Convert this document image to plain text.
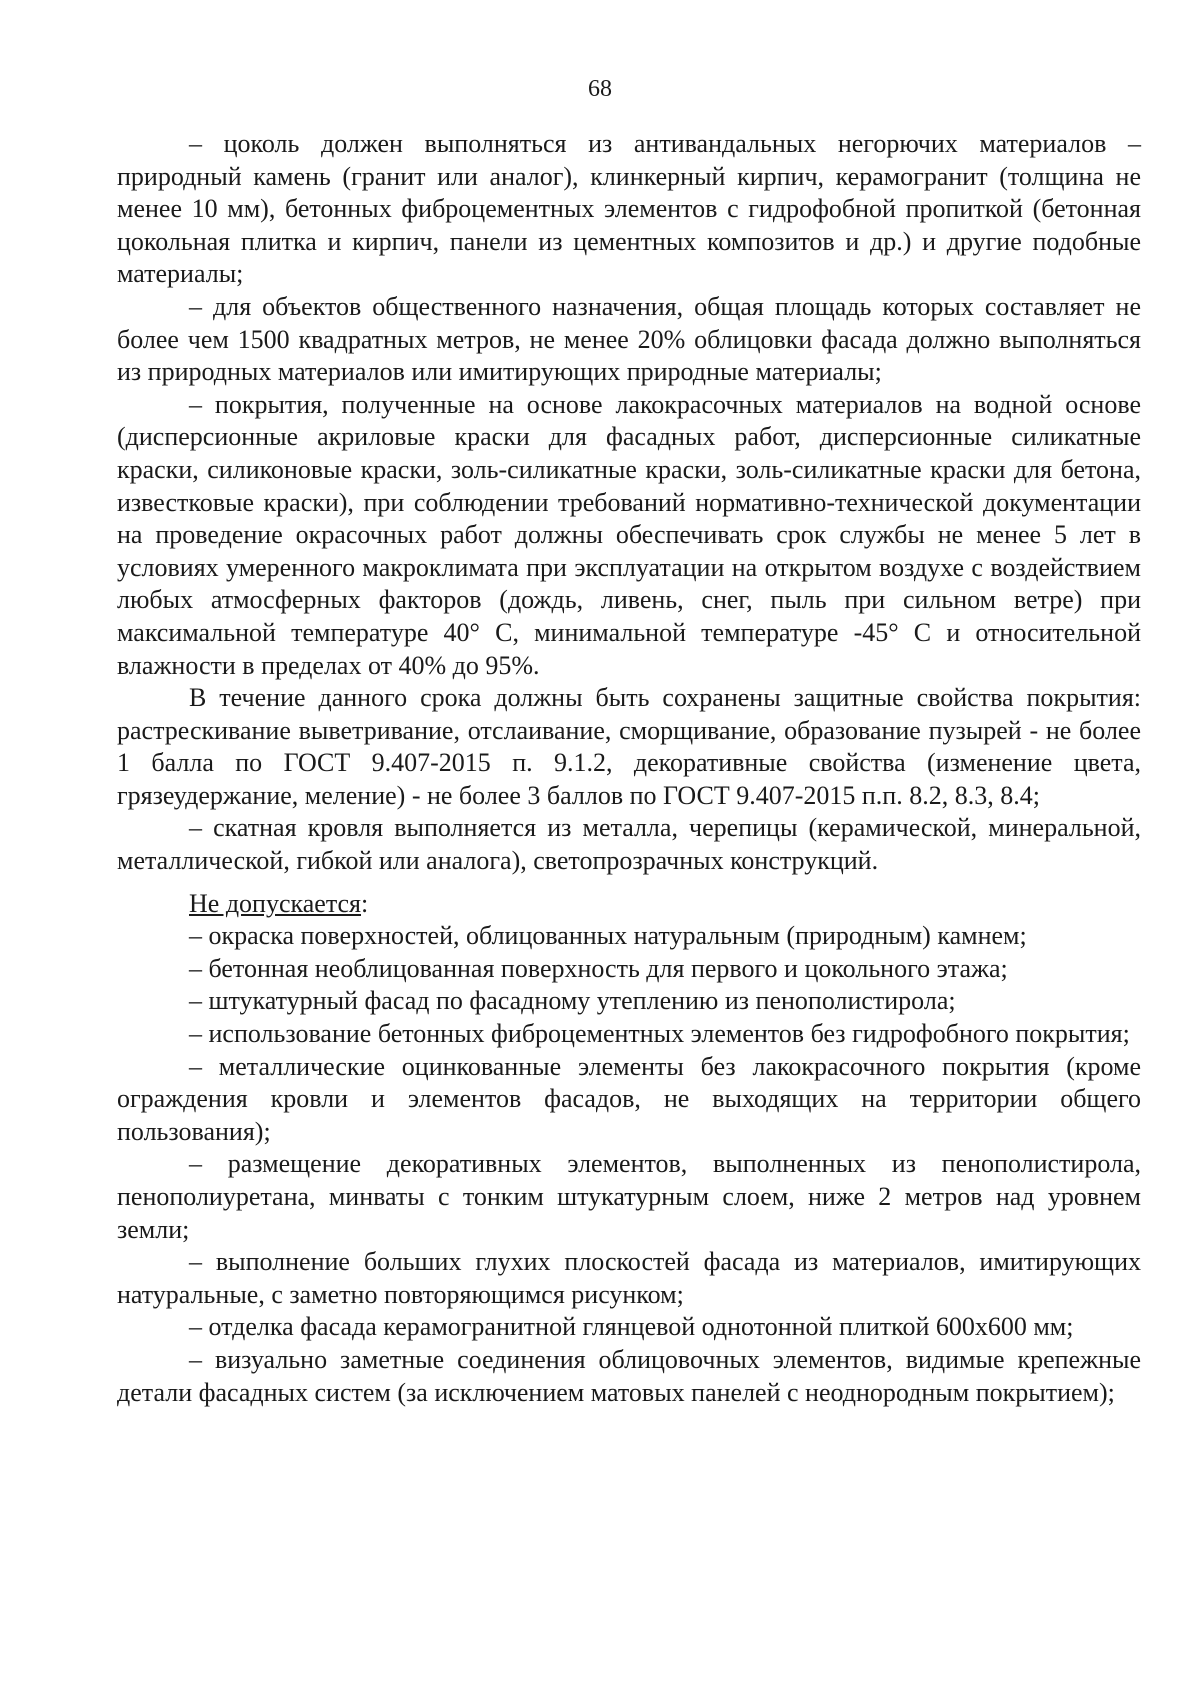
68

– цоколь должен выполняться из антивандальных негорючих материалов – природный камень (гранит или аналог), клинкерный кирпич, керамогранит (толщина не менее 10 мм), бетонных фиброцементных элементов с гидрофобной пропиткой (бетонная цокольная плитка и кирпич, панели из цементных композитов и др.) и другие подобные материалы;

– для объектов общественного назначения, общая площадь которых составляет не более чем 1500 квадратных метров, не менее 20% облицовки фасада должно выполняться из природных материалов или имитирующих природные материалы;

– покрытия, полученные на основе лакокрасочных материалов на водной основе (дисперсионные акриловые краски для фасадных работ, дисперсионные силикатные краски, силиконовые краски, золь-силикатные краски, золь-силикатные краски для бетона, известковые краски), при соблюдении требований нормативно-технической документации на проведение окрасочных работ должны обеспечивать срок службы не менее 5 лет в условиях умеренного макроклимата при эксплуатации на открытом воздухе с воздействием любых атмосферных факторов (дождь, ливень, снег, пыль при сильном ветре) при максимальной температуре 40° С, минимальной температуре -45° С и относительной влажности в пределах от 40% до 95%.

В течение данного срока должны быть сохранены защитные свойства покрытия: растрескивание выветривание, отслаивание, сморщивание, образование пузырей - не более 1 балла по ГОСТ 9.407-2015 п. 9.1.2, декоративные свойства (изменение цвета, грязеудержание, меление) - не более 3 баллов по ГОСТ 9.407-2015 п.п. 8.2, 8.3, 8.4;

– скатная кровля выполняется из металла, черепицы (керамической, минеральной, металлической, гибкой или аналога), светопрозрачных конструкций.

Не допускается:

– окраска поверхностей, облицованных натуральным (природным) камнем;

– бетонная необлицованная поверхность для первого и цокольного этажа;

– штукатурный фасад по фасадному утеплению из пенополистирола;

– использование бетонных фиброцементных элементов без гидрофобного покрытия;

– металлические оцинкованные элементы без лакокрасочного покрытия (кроме ограждения кровли и элементов фасадов, не выходящих на территории общего пользования);

– размещение декоративных элементов, выполненных из пенополистирола, пенополиуретана, минваты с тонким штукатурным слоем, ниже 2 метров над уровнем земли;

– выполнение больших глухих плоскостей фасада из материалов, имитирующих натуральные, с заметно повторяющимся рисунком;

– отделка фасада керамогранитной глянцевой однотонной плиткой 600х600 мм;

– визуально заметные соединения облицовочных элементов, видимые крепежные детали фасадных систем (за исключением матовых панелей с неоднородным покрытием);
